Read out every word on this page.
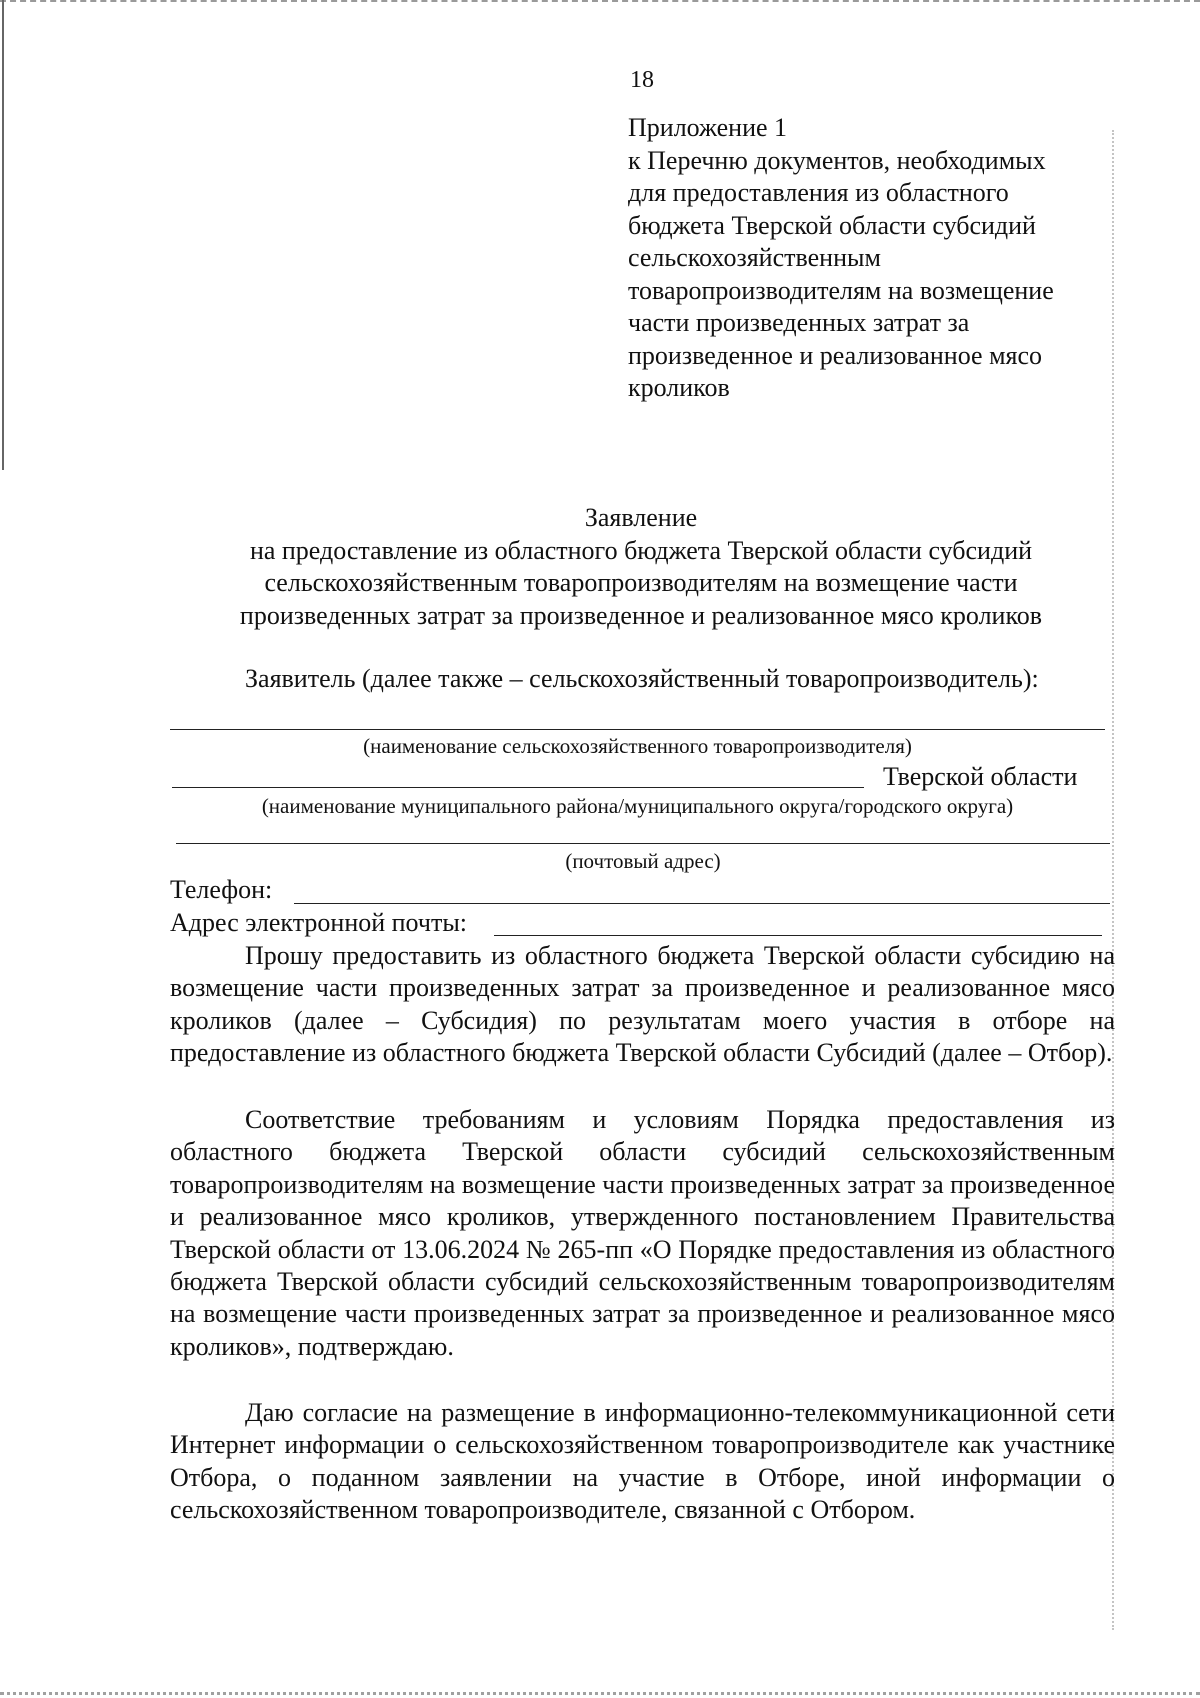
18
Приложение 1
к Перечню документов, необходимых
для предоставления из областного
бюджета Тверской области субсидий
сельскохозяйственным
товаропроизводителям на возмещение
части произведенных затрат за
произведенное и реализованное мясо
кроликов
Заявление
на предоставление из областного бюджета Тверской области субсидий
сельскохозяйственным товаропроизводителям на возмещение части
произведенных затрат за произведенное и реализованное мясо кроликов
Заявитель (далее также – сельскохозяйственный товаропроизводитель):
(наименование сельскохозяйственного товаропроизводителя)
Тверской области
(наименование муниципального района/муниципального округа/городского округа)
(почтовый адрес)
Телефон:
Адрес электронной почты:
Прошу предоставить из областного бюджета Тверской области субсидию на возмещение части произведенных затрат за произведенное и реализованное мясо кроликов (далее – Субсидия) по результатам моего участия в отборе на предоставление из областного бюджета Тверской области Субсидий (далее – Отбор).
Соответствие требованиям и условиям Порядка предоставления из областного бюджета Тверской области субсидий сельскохозяйственным товаропроизводителям на возмещение части произведенных затрат за произведенное и реализованное мясо кроликов, утвержденного постановлением Правительства Тверской области от 13.06.2024 № 265-пп «О Порядке предоставления из областного бюджета Тверской области субсидий сельскохозяйственным товаропроизводителям на возмещение части произведенных затрат за произведенное и реализованное мясо кроликов», подтверждаю.
Даю согласие на размещение в информационно-телекоммуникационной сети Интернет информации о сельскохозяйственном товаропроизводителе как участнике Отбора, о поданном заявлении на участие в Отборе, иной информации о сельскохозяйственном товаропроизводителе, связанной с Отбором.
